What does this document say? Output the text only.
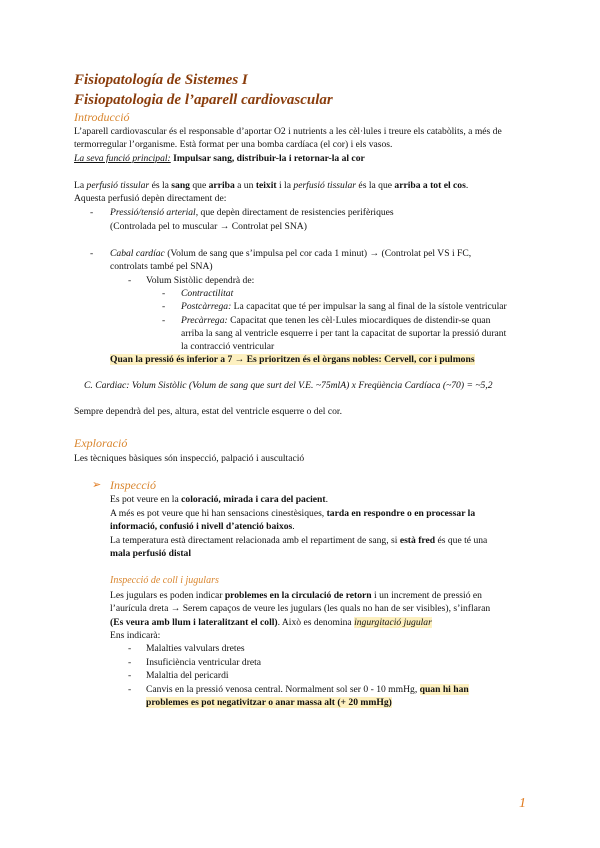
Fisiopatología de Sistemes I
Fisiopatologia de l’aparell cardiovascular
Introducció
L’aparell cardiovascular és el responsable d’aportar O2 i nutrients a les cèl·lules i treure els catabòlits, a més de
termorregular l’organisme. Està format per una bomba cardíaca (el cor) i els vasos.
La seva funció principal: Impulsar sang, distribuir-la i retornar-la al cor
La perfusió tissular és la sang que arriba a un teixit i la perfusió tissular és la que arriba a tot el cos.
Aquesta perfusió depèn directament de:
- Pressió/tensió arterial, que depèn directament de resistencies perifèriques
(Controlada pel to muscular → Controlat pel SNA)
- Cabal cardíac (Volum de sang que s’impulsa pel cor cada 1 minut) → (Controlat pel VS i FC,
controlats també pel SNA)
- Volum Sistòlic dependrà de:
- Contractilitat
- Postcàrrega: La capacitat que té per impulsar la sang al final de la sístole ventricular
- Precàrrega: Capacitat que tenen les cèl·Lules miocardiques de distendir-se quan
arriba la sang al ventricle esquerre i per tant la capacitat de suportar la pressió durant
la contracció ventricular
Quan la pressió és inferior a 7 → Es prioritzen és el òrgans nobles: Cervell, cor i pulmons
C. Cardiac: Volum Sistòlic (Volum de sang que surt del V.E. ~75mlA) x Freqüència Cardíaca (~70) = ~5,2
Sempre dependrà del pes, altura, estat del ventricle esquerre o del cor.
Exploració
Les tècniques bàsiques són inspecció, palpació i auscultació
➢ Inspecció
Es pot veure en la coloració, mirada i cara del pacient.
A més es pot veure que hi han sensacions cinestèsiques, tarda en respondre o en processar la
informació, confusió i nivell d’atenció baixos.
La temperatura està directament relacionada amb el repartiment de sang, si està fred és que té una
mala perfusió distal
Inspecció de coll i jugulars
Les jugulars es poden indicar problemes en la circulació de retorn i un increment de pressió en
l’aurícula dreta → Serem capaços de veure les jugulars (les quals no han de ser visibles), s’inflaran
(Es veura amb llum i lateralitzant el coll). Això es denomina ingurgitació jugular
Ens indicarà:
- Malalties valvulars dretes
- Insuficiència ventricular dreta
- Malaltia del pericardi
- Canvis en la pressió venosa central. Normalment sol ser 0 - 10 mmHg, quan hi han
problemes es pot negativitzar o anar massa alt (+ 20 mmHg)
1
